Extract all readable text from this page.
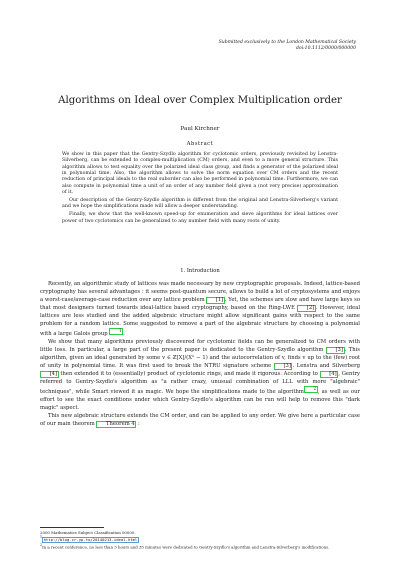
Submitted exclusively to the London Mathematical Society
doi:10.1112/0000/000000
Algorithms on Ideal over Complex Multiplication order
Paul Kirchner
Abstract

We show in this paper that the Gentry-Szydlo algorithm for cyclotomic orders, previously revisited by Lenstra-Silverberg, can be extended to complex-multiplication (CM) orders, and even to a more general structure. This algorithm allows to test equality over the polarized ideal class group, and finds a generator of the polarized ideal in polynomial time. Also, the algorithm allows to solve the norm equation over CM orders and the recent reduction of principal ideals to the real suborder can also be performed in polynomial time. Furthermore, we can also compute in polynomial time a unit of an order of any number field given a (not very precise) approximation of it.

Our description of the Gentry-Szydlo algorithm is different from the original and Lenstra-Silverberg's variant and we hope the simplifications made will allow a deeper understanding.

Finally, we show that the well-known speed-up for enumeration and sieve algorithms for ideal lattices over power of two cyclotomics can be generalized to any number field with many roots of unity.

1. Introduction

Recently, an algorithmic study of lattices was made necessary by new cryptographic proposals. Indeed, lattice-based cryptography has several advantages : it seems post-quantum secure, allows to build a lot of cryptosystems and enjoys a worst-case/average-case reduction over any lattice problem [1] . Yet, the schemes are slow and have large keys so that most designers turned towards ideal-lattice based cryptography, based on the Ring-LWE [2] . However, ideal lattices are less studied and the added algebraic structure might allow significant gains with respect to the same problem for a random lattice. Some suggested to remove a part of the algebraic structure by choosing a polynomial with a large Galois group	$^1$ .

We show that many algorithms previously discovered for cyclotomic fields can be generalized to CM orders with little loss. In particular, a large part of the present paper is dedicated to the Gentry-Szydlo algorithm [3] . This algorithm, given an ideal generated by some v ∈ ℤ[X]/(Xⁿ − 1) and the autocorrelation of v, finds v up to the (few) root of unity in polynomial time. It was first used to break the NTRU signature scheme [3] . Lenstra and Silverberg [4] then extended it to (essentially) product of cyclotomic rings, and made it rigorous. According to [4] , Gentry referred to Gentry-Szydlo's algorithm as "a rather crazy, unusual combination of LLL with more "algebraic" techniques", while Smart viewed it as magic. We hope the simplifications made to the algorithm $^2$ , as well as our effort to see the exact conditions under which Gentry-Szydlo's algorithm can be run will help to remove this "dark magic" aspect.

This new algebraic structure extends the CM order, and can be applied to any order. We give here a particular case of our main theorem Theorem 4 :

2000 Mathematics Subject Classification 00000.
$^1$ http://blog.cr.yp.to/20140213-ideal.html
$^2$In a recent conference, no less than 3 hours and 35 minutes were dedicated to Gentry-Szydlo's algorithm and Lenstra-Silverberg's modifications.
